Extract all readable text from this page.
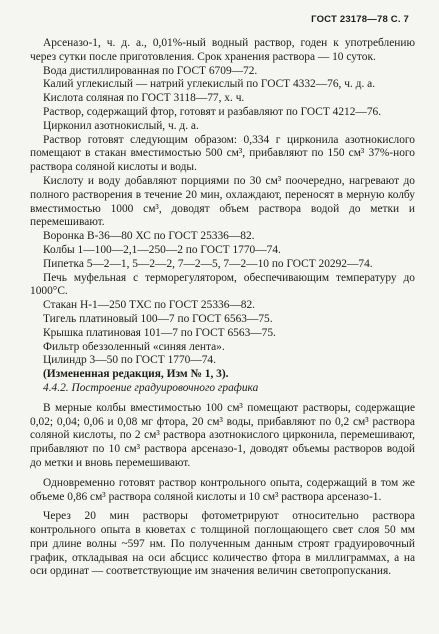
ГОСТ 23178—78 С. 7

Арсеназо-1, ч. д. а., 0,01%-ный водный раствор, годен к употреблению через сутки после приготовления. Срок хранения раствора — 10 суток.

Вода дистиллированная по ГОСТ 6709—72.

Калий углекислый — натрий углекислый по ГОСТ 4332—76, ч. д. а.

Кислота соляная по ГОСТ 3118—77, х. ч.

Раствор, содержащий фтор, готовят и разбавляют по ГОСТ 4212—76.

Цирконил азотнокислый, ч. д. а.

Раствор готовят следующим образом: 0,334 г цирконила азотнокислого помещают в стакан вместимостью 500 см³, прибавляют по 150 см³ 37%-ного раствора соляной кислоты и воды.

Кислоту и воду добавляют порциями по 30 см³ поочередно, нагревают до полного растворения в течение 20 мин, охлаждают, переносят в мерную колбу вместимостью 1000 см³, доводят объем раствора водой до метки и перемешивают.

Воронка В-36—80 ХС по ГОСТ 25336—82.

Колбы 1—100—2,1—250—2 по ГОСТ 1770—74.

Пипетка 5—2—1, 5—2—2, 7—2—5, 7—2—10 по ГОСТ 20292—74.

Печь муфельная с терморегулятором, обеспечивающим температуру до 1000°С.

Стакан Н-1—250 ТХС по ГОСТ 25336—82.

Тигель платиновый 100—7 по ГОСТ 6563—75.

Крышка платиновая 101—7 по ГОСТ 6563—75.

Фильтр обеззоленный «синяя лента».

Цилиндр 3—50 по ГОСТ 1770—74.

(Измененная редакция, Изм № 1, 3).

4.4.2. Построение градуировочного графика

В мерные колбы вместимостью 100 см³ помещают растворы, содержащие 0,02; 0,04; 0,06 и 0,08 мг фтора, 20 см³ воды, прибавляют по 0,2 см³ раствора соляной кислоты, по 2 см³ раствора азотнокислого цирконила, перемешивают, прибавляют по 10 см³ раствора арсеназо-1, доводят объемы растворов водой до метки и вновь перемешивают.

Одновременно готовят раствор контрольного опыта, содержащий в том же объеме 0,86 см³ раствора соляной кислоты и 10 см³ раствора арсеназо-1.

Через 20 мин растворы фотометрируют относительно раствора контрольного опыта в кюветах с толщиной поглощающего свет слоя 50 мм при длине волны ~597 нм. По полученным данным строят градуировочный график, откладывая на оси абсцисс количество фтора в миллиграммах, а на оси ординат — соответствующие им значения величин светопропускания.
